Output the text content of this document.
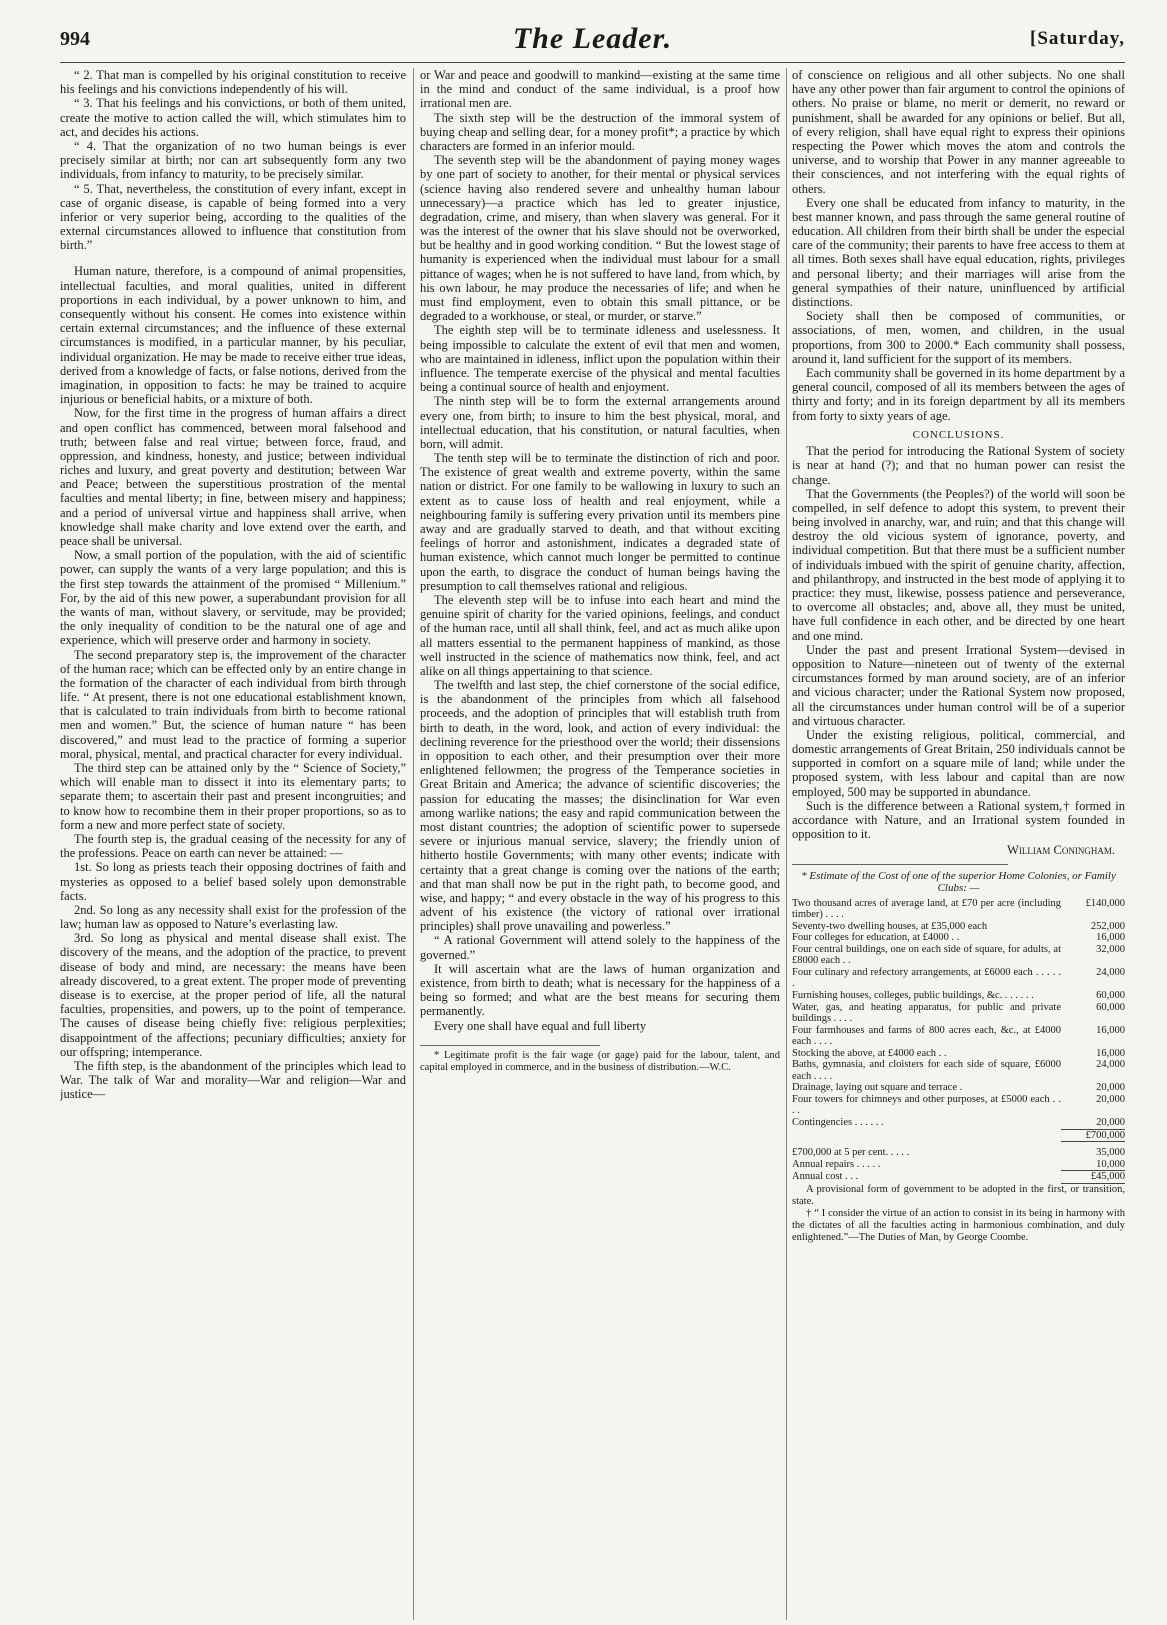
994	The Leader.	[Saturday,

“ 2. That man is compelled by his original constitution to receive his feelings and his convictions independently of his will.

“ 3. That his feelings and his convictions, or both of them united, create the motive to action called the will, which stimulates him to act, and decides his actions.

“ 4. That the organization of no two human beings is ever precisely similar at birth; nor can art subsequently form any two individuals, from infancy to maturity, to be precisely similar.

“ 5. That, nevertheless, the constitution of every infant, except in case of organic disease, is capable of being formed into a very inferior or very superior being, according to the qualities of the external circumstances allowed to influence that constitution from birth.”

Human nature, therefore, is a compound of animal propensities, intellectual faculties, and moral qualities, united in different proportions in each individual, by a power unknown to him, and consequently without his consent. He comes into existence within certain external circumstances; and the influence of these external circumstances is modified, in a particular manner, by his peculiar, individual organization. He may be made to receive either true ideas, derived from a knowledge of facts, or false notions, derived from the imagination, in opposition to facts: he may be trained to acquire injurious or beneficial habits, or a mixture of both.

Now, for the first time in the progress of human affairs a direct and open conflict has commenced, between moral falsehood and truth; between false and real virtue; between force, fraud, and oppression, and kindness, honesty, and justice; between individual riches and luxury, and great poverty and destitution; between War and Peace; between the superstitious prostration of the mental faculties and mental liberty; in fine, between misery and happiness; and a period of universal virtue and happiness shall arrive, when knowledge shall make charity and love extend over the earth, and peace shall be universal.

Now, a small portion of the population, with the aid of scientific power, can supply the wants of a very large population; and this is the first step towards the attainment of the promised “ Millenium.” For, by the aid of this new power, a superabundant provision for all the wants of man, without slavery, or servitude, may be provided; the only inequality of condition to be the natural one of age and experience, which will preserve order and harmony in society.

The second preparatory step is, the improvement of the character of the human race; which can be effected only by an entire change in the formation of the character of each individual from birth through life. “ At present, there is not one educational establishment known, that is calculated to train individuals from birth to become rational men and women.” But, the science of human nature “ has been discovered,” and must lead to the practice of forming a superior moral, physical, mental, and practical character for every individual.

The third step can be attained only by the “ Science of Society,” which will enable man to dissect it into its elementary parts; to separate them; to ascertain their past and present incongruities; and to know how to recombine them in their proper proportions, so as to form a new and more perfect state of society.

The fourth step is, the gradual ceasing of the necessity for any of the professions. Peace on earth can never be attained: —

1st. So long as priests teach their opposing doctrines of faith and mysteries as opposed to a belief based solely upon demonstrable facts.

2nd. So long as any necessity shall exist for the profession of the law; human law as opposed to Nature’s everlasting law.

3rd. So long as physical and mental disease shall exist. The discovery of the means, and the adoption of the practice, to prevent disease of body and mind, are necessary: the means have been already discovered, to a great extent. The proper mode of preventing disease is to exercise, at the proper period of life, all the natural faculties, propensities, and powers, up to the point of temperance. The causes of disease being chiefly five: religious perplexities; disappointment of the affections; pecuniary difficulties; anxiety for our offspring; intemperance.

The fifth step, is the abandonment of the principles which lead to War. The talk of War and morality—War and religion—War and justice—

or War and peace and goodwill to mankind—existing at the same time in the mind and conduct of the same individual, is a proof how irrational men are.

The sixth step will be the destruction of the immoral system of buying cheap and selling dear, for a money profit*; a practice by which characters are formed in an inferior mould.

The seventh step will be the abandonment of paying money wages by one part of society to another, for their mental or physical services (science having also rendered severe and unhealthy human labour unnecessary)—a practice which has led to greater injustice, degradation, crime, and misery, than when slavery was general. For it was the interest of the owner that his slave should not be overworked, but be healthy and in good working condition. “ But the lowest stage of humanity is experienced when the individual must labour for a small pittance of wages; when he is not suffered to have land, from which, by his own labour, he may produce the necessaries of life; and when he must find employment, even to obtain this small pittance, or be degraded to a workhouse, or steal, or murder, or starve.”

The eighth step will be to terminate idleness and uselessness. It being impossible to calculate the extent of evil that men and women, who are maintained in idleness, inflict upon the population within their influence. The temperate exercise of the physical and mental faculties being a continual source of health and enjoyment.

The ninth step will be to form the external arrangements around every one, from birth; to insure to him the best physical, moral, and intellectual education, that his constitution, or natural faculties, when born, will admit.

The tenth step will be to terminate the distinction of rich and poor. The existence of great wealth and extreme poverty, within the same nation or district. For one family to be wallowing in luxury to such an extent as to cause loss of health and real enjoyment, while a neighbouring family is suffering every privation until its members pine away and are gradually starved to death, and that without exciting feelings of horror and astonishment, indicates a degraded state of human existence, which cannot much longer be permitted to continue upon the earth, to disgrace the conduct of human beings having the presumption to call themselves rational and religious.

The eleventh step will be to infuse into each heart and mind the genuine spirit of charity for the varied opinions, feelings, and conduct of the human race, until all shall think, feel, and act as much alike upon all matters essential to the permanent happiness of mankind, as those well instructed in the science of mathematics now think, feel, and act alike on all things appertaining to that science.

The twelfth and last step, the chief cornerstone of the social edifice, is the abandonment of the principles from which all falsehood proceeds, and the adoption of principles that will establish truth from birth to death, in the word, look, and action of every individual: the declining reverence for the priesthood over the world; their dissensions in opposition to each other, and their presumption over their more enlightened fellowmen; the progress of the Temperance societies in Great Britain and America; the advance of scientific discoveries; the passion for educating the masses; the disinclination for War even among warlike nations; the easy and rapid communication between the most distant countries; the adoption of scientific power to supersede severe or injurious manual service, slavery; the friendly union of hitherto hostile Governments; with many other events; indicate with certainty that a great change is coming over the nations of the earth; and that man shall now be put in the right path, to become good, and wise, and happy; “ and every obstacle in the way of his progress to this advent of his existence (the victory of rational over irrational principles) shall prove unavailing and powerless.”

“ A rational Government will attend solely to the happiness of the governed.”

It will ascertain what are the laws of human organization and existence, from birth to death; what is necessary for the happiness of a being so formed; and what are the best means for securing them permanently.

Every one shall have equal and full liberty

* Legitimate profit is the fair wage (or gage) paid for the labour, talent, and capital employed in commerce, and in the business of distribution.—W.C.

of conscience on religious and all other subjects. No one shall have any other power than fair argument to control the opinions of others. No praise or blame, no merit or demerit, no reward or punishment, shall be awarded for any opinions or belief. But all, of every religion, shall have equal right to express their opinions respecting the Power which moves the atom and controls the universe, and to worship that Power in any manner agreeable to their consciences, and not interfering with the equal rights of others.

Every one shall be educated from infancy to maturity, in the best manner known, and pass through the same general routine of education. All children from their birth shall be under the especial care of the community; their parents to have free access to them at all times. Both sexes shall have equal education, rights, privileges and personal liberty; and their marriages will arise from the general sympathies of their nature, uninfluenced by artificial distinctions.

Society shall then be composed of communities, or associations, of men, women, and children, in the usual proportions, from 300 to 2000.* Each community shall possess, around it, land sufficient for the support of its members.

Each community shall be governed in its home department by a general council, composed of all its members between the ages of thirty and forty; and in its foreign department by all its members from forty to sixty years of age.

CONCLUSIONS.

That the period for introducing the Rational System of society is near at hand (?); and that no human power can resist the change.

That the Governments (the Peoples?) of the world will soon be compelled, in self defence to adopt this system, to prevent their being involved in anarchy, war, and ruin; and that this change will destroy the old vicious system of ignorance, poverty, and individual competition. But that there must be a sufficient number of individuals imbued with the spirit of genuine charity, affection, and philanthropy, and instructed in the best mode of applying it to practice: they must, likewise, possess patience and perseverance, to overcome all obstacles; and, above all, they must be united, have full confidence in each other, and be directed by one heart and one mind.

Under the past and present Irrational System—devised in opposition to Nature—nineteen out of twenty of the external circumstances formed by man around society, are of an inferior and vicious character; under the Rational System now proposed, all the circumstances under human control will be of a superior and virtuous character.

Under the existing religious, political, commercial, and domestic arrangements of Great Britain, 250 individuals cannot be supported in comfort on a square mile of land; while under the proposed system, with less labour and capital than are now employed, 500 may be supported in abundance.

Such is the difference between a Rational system,† formed in accordance with Nature, and an Irrational system founded in opposition to it.

William Coningham.
* Estimate of the Cost of one of the superior Home Colonies, or Family Clubs: —
Two thousand acres of average land, at £70 per acre (including timber) . . . .	£140,000
Seventy-two dwelling houses, at £35,000 each	252,000
Four colleges for education, at £4000 . .	16,000
Four central buildings, one on each side of square, for adults, at £8000 each . .	32,000
Four culinary and refectory arrangements, at £6000 each . . . . . .	24,000
Furnishing houses, colleges, public buildings, &c. . . . . . .	60,000
Water, gas, and heating apparatus, for public and private buildings . . . .	60,000
Four farmhouses and farms of 800 acres each, &c., at £4000 each . . . .	16,000
Stocking the above, at £4000 each . .	16,000
Baths, gymnasia, and cloisters for each side of square, £6000 each . . . .	24,000
Drainage, laying out square and terrace .	20,000
Four towers for chimneys and other purposes, at £5000 each . . . .	20,000
Contingencies . . . . . .	20,000
	£700,000

£700,000 at 5 per cent. . . . .	35,000
Annual repairs . . . . .	10,000
Annual cost . . .	£45,000

A provisional form of government to be adopted in the first, or transition, state.

† “ I consider the virtue of an action to consist in its being in harmony with the dictates of all the faculties acting in harmonious combination, and duly enlightened.”—The Duties of Man, by George Coombe.
